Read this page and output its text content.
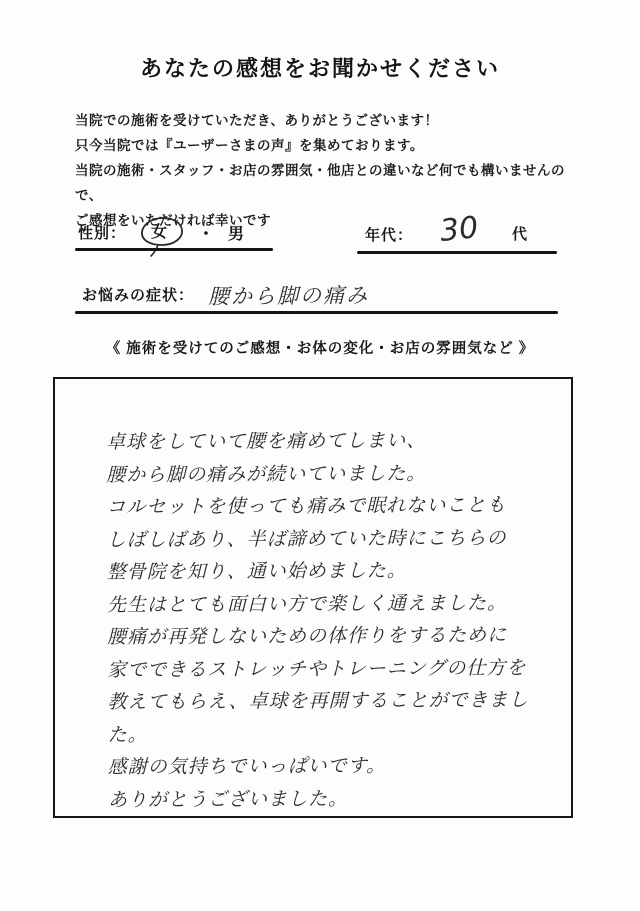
あなたの感想をお聞かせください
当院での施術を受けていただき、ありがとうございます！
只今当院では『ユーザーさまの声』を集めております。
当院の施術・スタッフ・お店の雰囲気・他店との違いなど何でも構いませんので、
ご感想をいただければ幸いです
性別： 女 ・ 男	年代： 30 代
お悩みの症状： 腰から脚の痛み
《 施術を受けてのご感想・お体の変化・お店の雰囲気など 》
卓球をしていて腰を痛めてしまい、
腰から脚の痛みが続いていました。
コルセットを使っても痛みで眠れないことも
しばしばあり、半ば諦めていた時にこちらの
整骨院を知り、通い始めました。
先生はとても面白い方で楽しく通えました。
腰痛が再発しないための体作りをするために
家でできるストレッチやトレーニングの仕方を
教えてもらえ、卓球を再開することができました。
感謝の気持ちでいっぱいです。
ありがとうございました。
